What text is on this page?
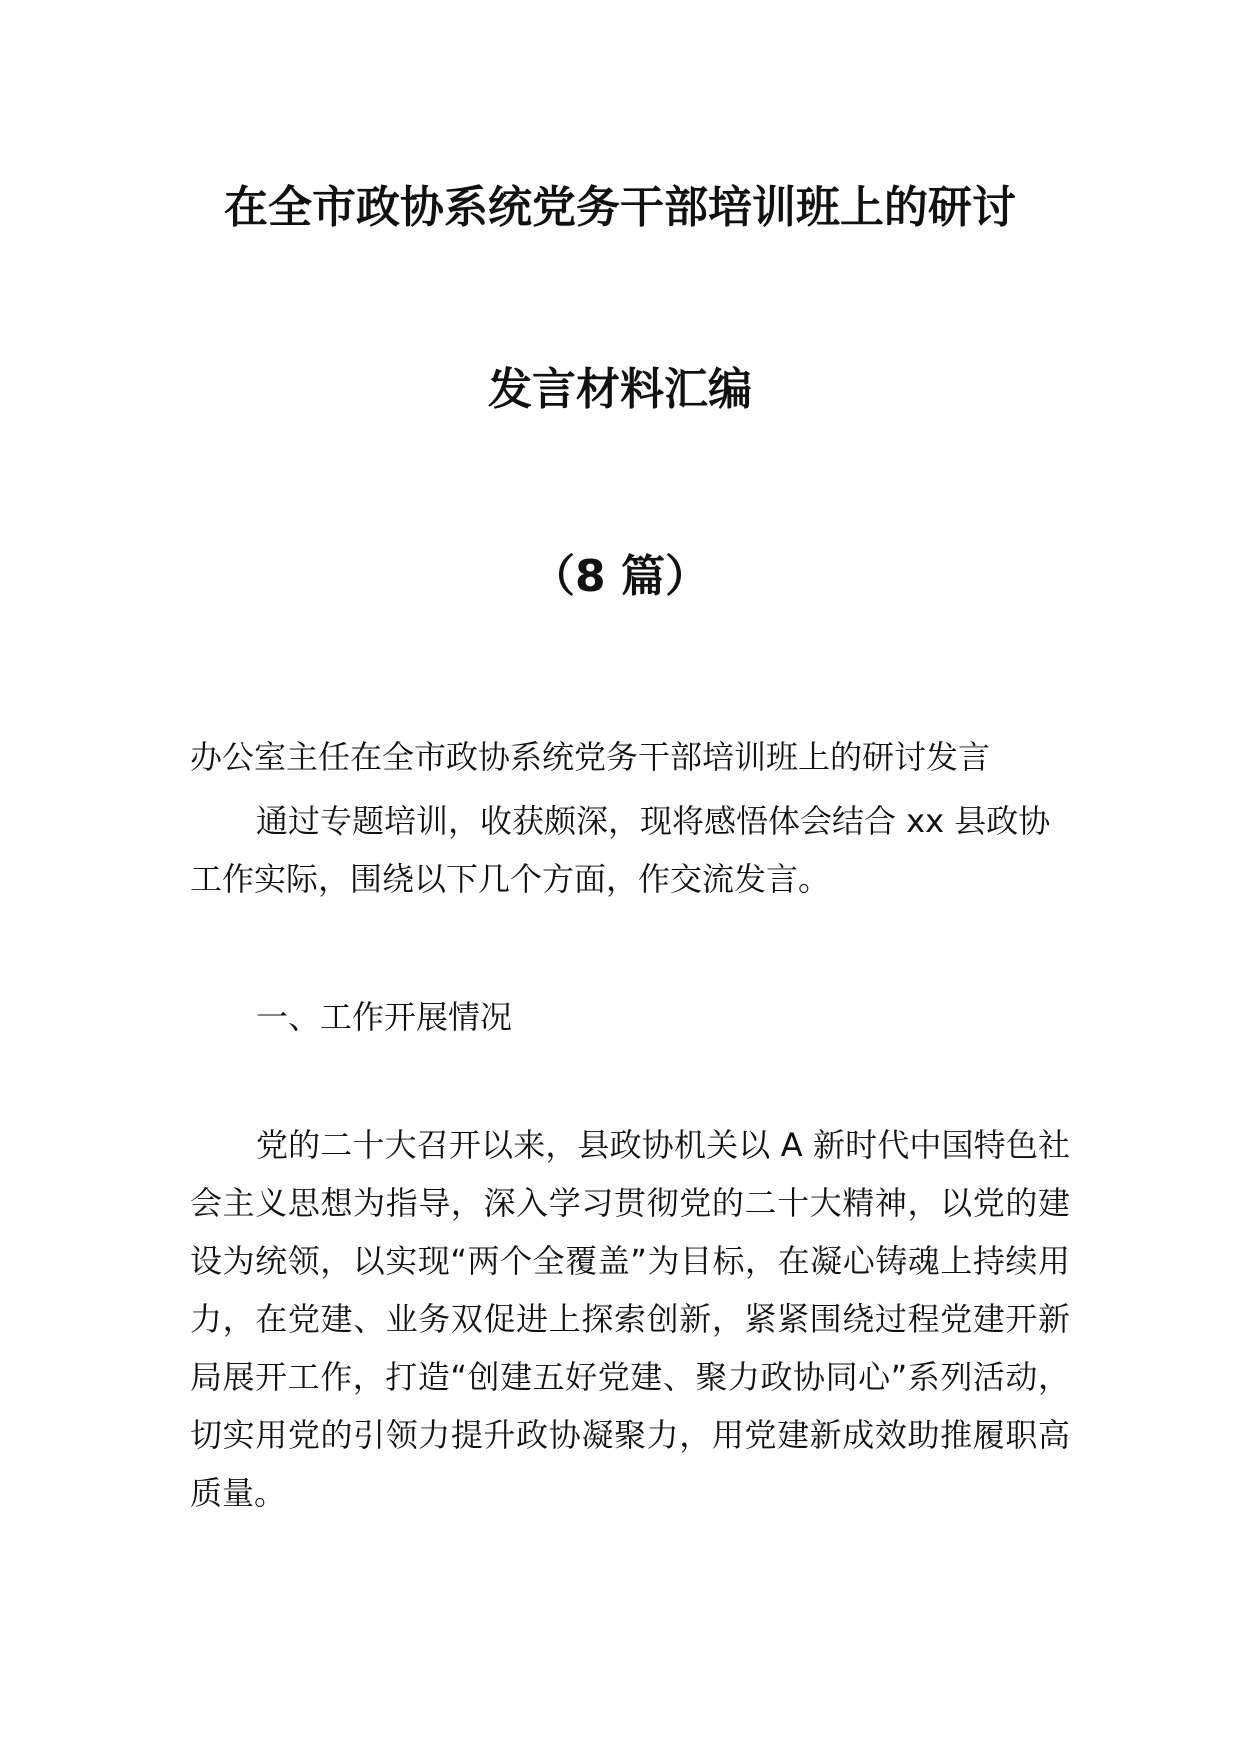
在全市政协系统党务干部培训班上的研讨
发言材料汇编
（8 篇）

办公室主任在全市政协系统党务干部培训班上的研讨发言

通过专题培训，收获颇深，现将感悟体会结合 xx 县政协工作实际，围绕以下几个方面，作交流发言。

一、工作开展情况

党的二十大召开以来，县政协机关以 A 新时代中国特色社会主义思想为指导，深入学习贯彻党的二十大精神，以党的建设为统领，以实现“两个全覆盖”为目标，在凝心铸魂上持续用力，在党建、业务双促进上探索创新，紧紧围绕过程党建开新局展开工作，打造“创建五好党建、聚力政协同心”系列活动，切实用党的引领力提升政协凝聚力，用党建新成效助推履职高质量。
